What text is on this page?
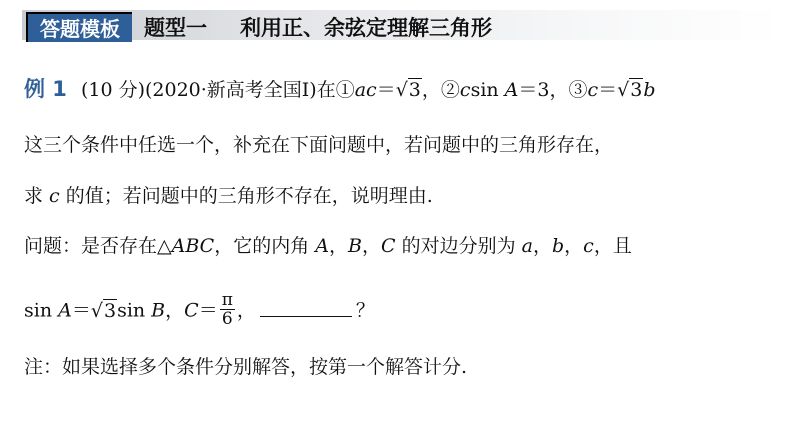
答题模板	题型一 利用正、余弦定理解三角形
例 1 (10 分)(2020·新高考全国Ⅰ)在①ac＝√3，②csin A＝3，③c＝√3b
这三个条件中任选一个，补充在下面问题中，若问题中的三角形存在，
求 c 的值；若问题中的三角形不存在，说明理由.
问题：是否存在△ABC，它的内角 A，B，C 的对边分别为 a，b，c，且
sin A＝√3sin B，$C= \frac{\pi}{6}$ ，	？
注：如果选择多个条件分别解答，按第一个解答计分.
